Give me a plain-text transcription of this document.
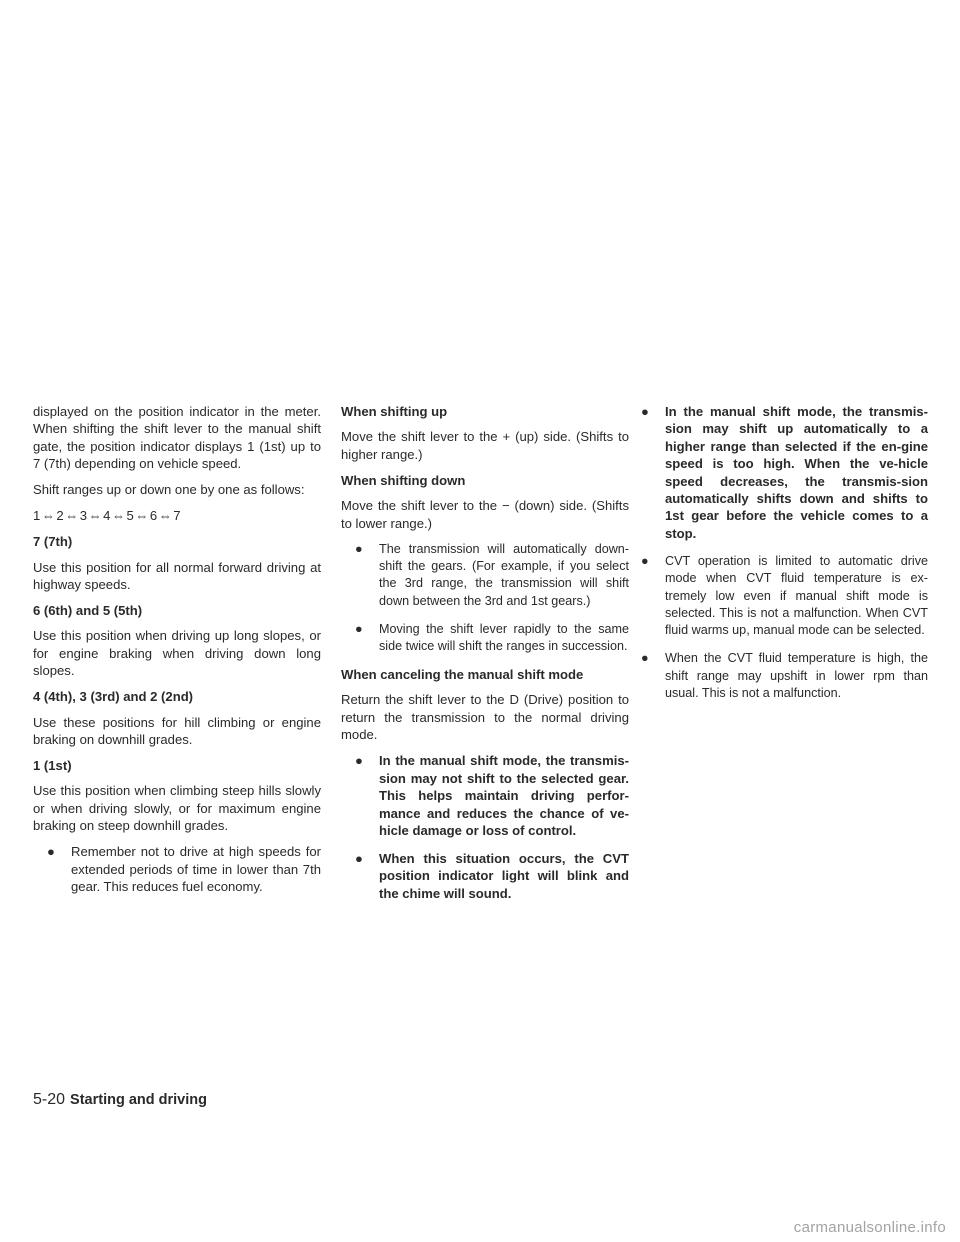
displayed on the position indicator in the meter. When shifting the shift lever to the manual shift gate, the position indicator displays 1 (1st) up to 7 (7th) depending on vehicle speed.

Shift ranges up or down one by one as follows:

1⇔2⇔3⇔4⇔5⇔6⇔7

7 (7th)

Use this position for all normal forward driving at highway speeds.

6 (6th) and 5 (5th)

Use this position when driving up long slopes, or for engine braking when driving down long slopes.

4 (4th), 3 (3rd) and 2 (2nd)

Use these positions for hill climbing or engine braking on downhill grades.

1 (1st)

Use this position when climbing steep hills slowly or when driving slowly, or for maximum engine braking on steep downhill grades.

● Remember not to drive at high speeds for extended periods of time in lower than 7th gear. This reduces fuel economy.

When shifting up

Move the shift lever to the + (up) side. (Shifts to higher range.)

When shifting down

Move the shift lever to the − (down) side. (Shifts to lower range.)

● The transmission will automatically down-shift the gears. (For example, if you select the 3rd range, the transmission will shift down between the 3rd and 1st gears.)
● Moving the shift lever rapidly to the same side twice will shift the ranges in succession.

When canceling the manual shift mode

Return the shift lever to the D (Drive) position to return the transmission to the normal driving mode.

● In the manual shift mode, the transmis-sion may not shift to the selected gear. This helps maintain driving perfor-mance and reduces the chance of ve-hicle damage or loss of control.
● When this situation occurs, the CVT position indicator light will blink and the chime will sound.
● In the manual shift mode, the transmis-sion may shift up automatically to a higher range than selected if the en-gine speed is too high. When the ve-hicle speed decreases, the transmis-sion automatically shifts down and shifts to 1st gear before the vehicle comes to a stop.
● CVT operation is limited to automatic drive mode when CVT fluid temperature is ex-tremely low even if manual shift mode is selected. This is not a malfunction. When CVT fluid warms up, manual mode can be selected.
● When the CVT fluid temperature is high, the shift range may upshift in lower rpm than usual. This is not a malfunction.
5-20 Starting and driving
carmanualsonline.info
